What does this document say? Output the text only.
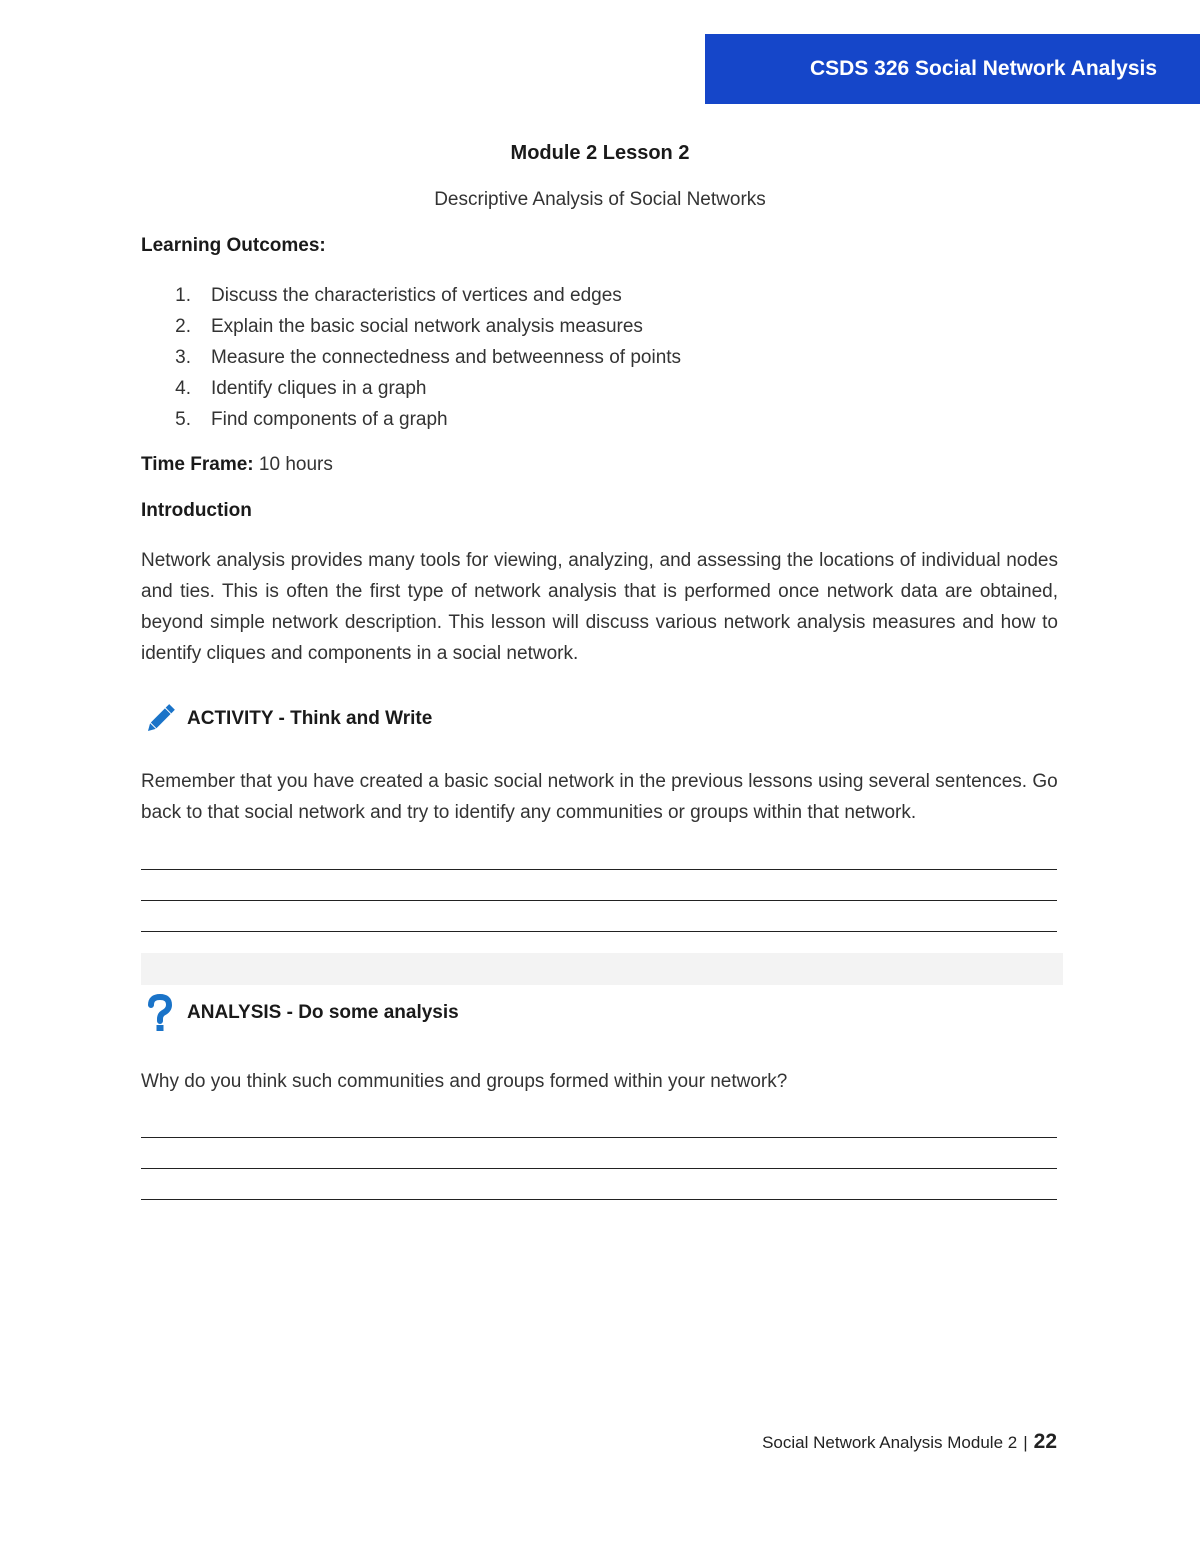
CSDS 326 Social Network Analysis
Module 2 Lesson 2
Descriptive Analysis of Social Networks
Learning Outcomes:
1. Discuss the characteristics of vertices and edges
2. Explain the basic social network analysis measures
3. Measure the connectedness and betweenness of points
4. Identify cliques in a graph
5. Find components of a graph
Time Frame: 10 hours
Introduction
Network analysis provides many tools for viewing, analyzing, and assessing the locations of individual nodes and ties. This is often the first type of network analysis that is performed once network data are obtained, beyond simple network description. This lesson will discuss various network analysis measures and how to identify cliques and components in a social network.
ACTIVITY - Think and Write
Remember that you have created a basic social network in the previous lessons using several sentences. Go back to that social network and try to identify any communities or groups within that network.
ANALYSIS - Do some analysis
Why do you think such communities and groups formed within your network?
Social Network Analysis Module 2 | 22
